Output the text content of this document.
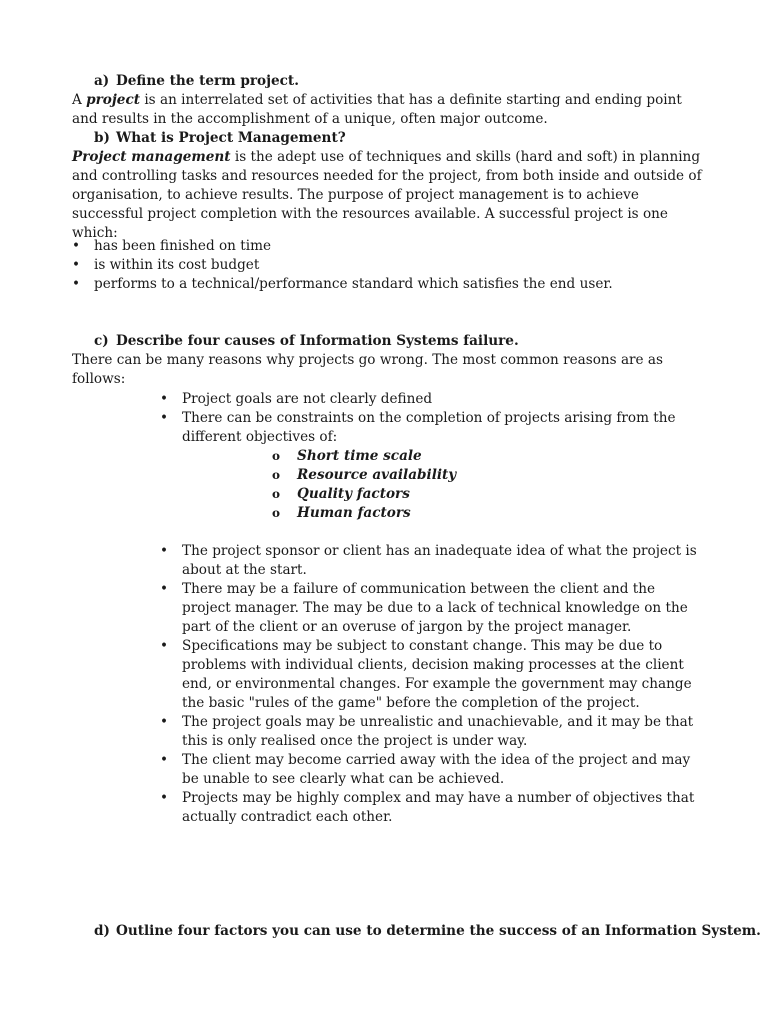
a) Define the term project.

A project is an interrelated set of activities that has a definite starting and ending point and results in the accomplishment of a unique, often major outcome.

b) What is Project Management?

Project management is the adept use of techniques and skills (hard and soft) in planning and controlling tasks and resources needed for the project, from both inside and outside of organisation, to achieve results. The purpose of project management is to achieve successful project completion with the resources available. A successful project is one which:

• has been finished on time
• is within its cost budget
• performs to a technical/performance standard which satisfies the end user.
c) Describe four causes of Information Systems failure.

There can be many reasons why projects go wrong. The most common reasons are as follows:

• Project goals are not clearly defined
• There can be constraints on the completion of projects arising from the different objectives of:
o Short time scale
o Resource availability
o Quality factors
o Human factors
• The project sponsor or client has an inadequate idea of what the project is about at the start.
• There may be a failure of communication between the client and the project manager. The may be due to a lack of technical knowledge on the part of the client or an overuse of jargon by the project manager.
• Specifications may be subject to constant change. This may be due to problems with individual clients, decision making processes at the client end, or environmental changes. For example the government may change the basic "rules of the game" before the completion of the project.
• The project goals may be unrealistic and unachievable, and it may be that this is only realised once the project is under way.
• The client may become carried away with the idea of the project and may be unable to see clearly what can be achieved.
• Projects may be highly complex and may have a number of objectives that actually contradict each other.
d) Outline four factors you can use to determine the success of an Information System.
